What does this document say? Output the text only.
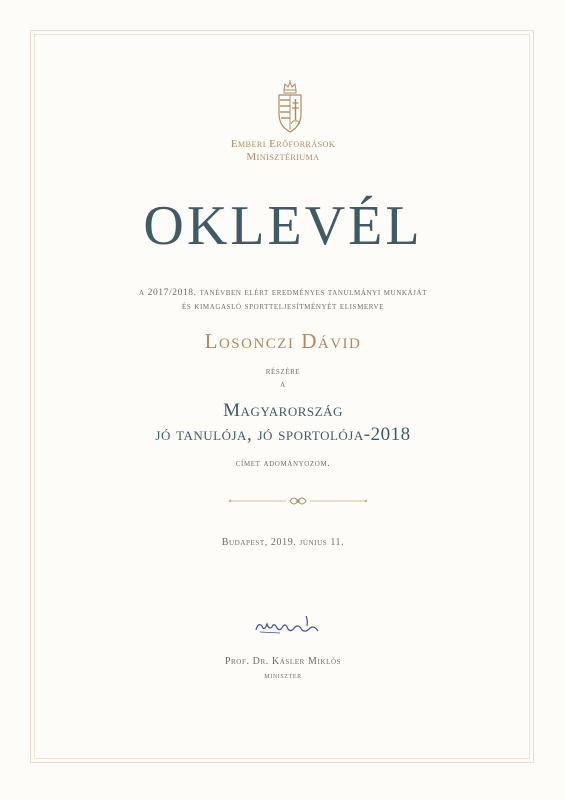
Emberi Erőforrások
Minisztériuma
OKLEVÉL
a 2017/2018. tanévben elért eredményes tanulmányi munkáját
és kimagasló sportteljesítményét elismerve
Losonczi Dávid
részére
a
Magyarország
jó tanulója, jó sportolója-2018
címet adományozom.
Budapest, 2019. június 11.
Prof. Dr. Kásler Miklós
miniszter
